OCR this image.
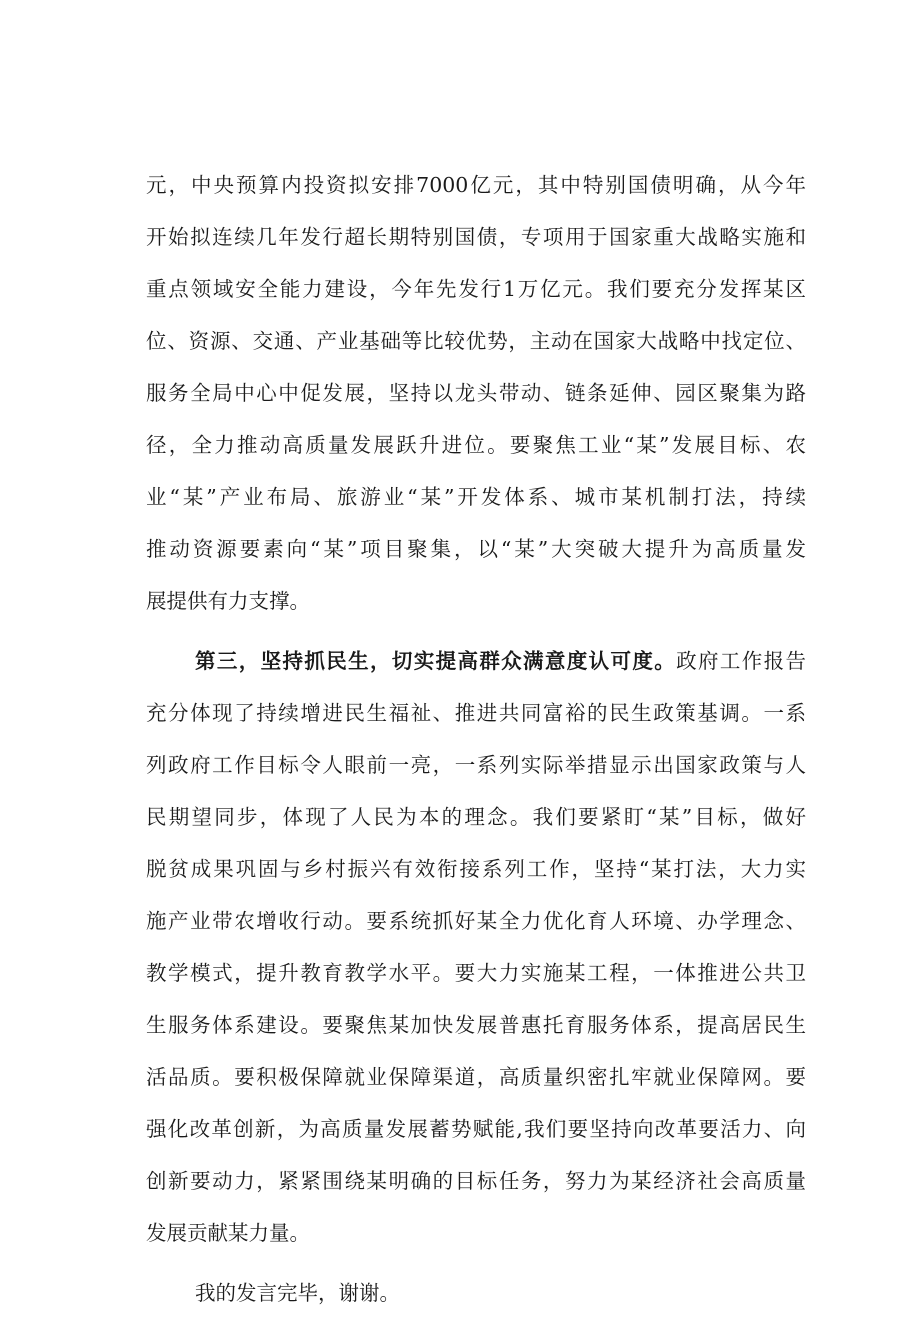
元，中央预算内投资拟安排7000亿元，其中特别国债明确，从今年
开始拟连续几年发行超长期特别国债，专项用于国家重大战略实施和
重点领域安全能力建设，今年先发行1万亿元。我们要充分发挥某区
位、资源、交通、产业基础等比较优势，主动在国家大战略中找定位、
服务全局中心中促发展，坚持以龙头带动、链条延伸、园区聚集为路
径，全力推动高质量发展跃升进位。要聚焦工业“某”发展目标、农
业“某”产业布局、旅游业“某”开发体系、城市某机制打法，持续
推动资源要素向“某”项目聚集，以“某”大突破大提升为高质量发
展提供有力支撑。
第三，坚持抓民生，切实提高群众满意度认可度。政府工作报告
充分体现了持续增进民生福祉、推进共同富裕的民生政策基调。一系
列政府工作目标令人眼前一亮，一系列实际举措显示出国家政策与人
民期望同步，体现了人民为本的理念。我们要紧盯“某”目标，做好
脱贫成果巩固与乡村振兴有效衔接系列工作，坚持“某打法，大力实
施产业带农增收行动。要系统抓好某全力优化育人环境、办学理念、
教学模式，提升教育教学水平。要大力实施某工程，一体推进公共卫
生服务体系建设。要聚焦某加快发展普惠托育服务体系，提高居民生
活品质。要积极保障就业保障渠道，高质量织密扎牢就业保障网。要
强化改革创新，为高质量发展蓄势赋能,我们要坚持向改革要活力、向
创新要动力，紧紧围绕某明确的目标任务，努力为某经济社会高质量
发展贡献某力量。
我的发言完毕，谢谢。
